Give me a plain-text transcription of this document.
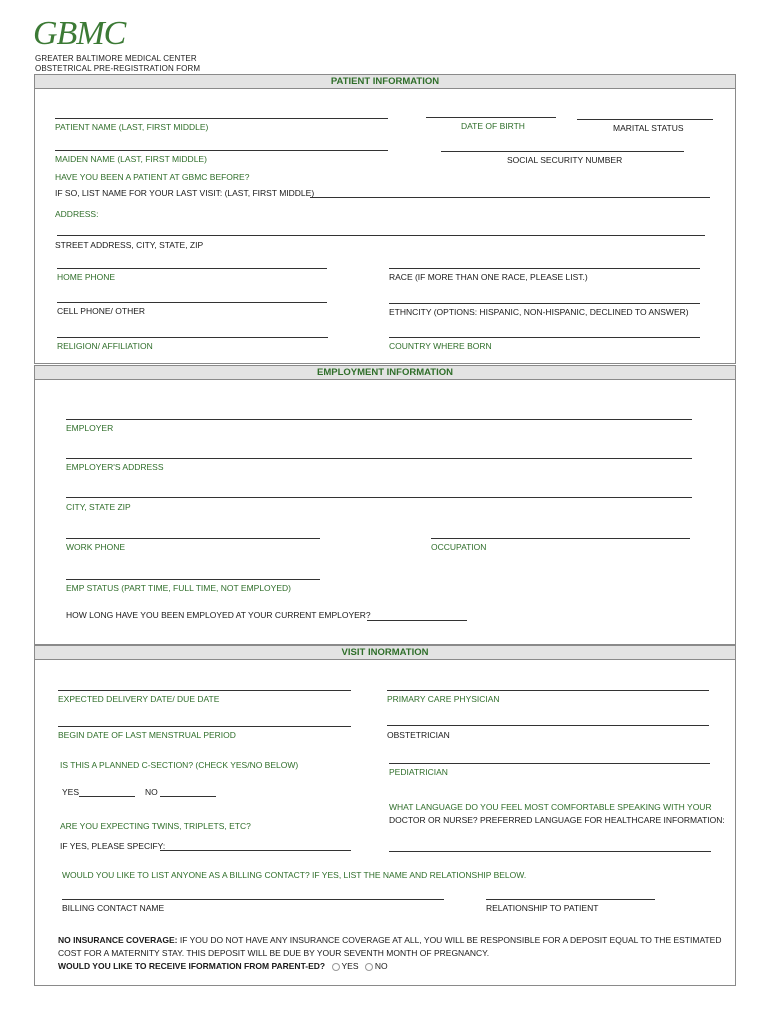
GBMC
GREATER BALTIMORE MEDICAL CENTER
OBSTETRICAL PRE-REGISTRATION FORM
PATIENT INFORMATION
PATIENT NAME (LAST, FIRST MIDDLE)	DATE OF BIRTH	MARITAL STATUS
MAIDEN NAME (LAST, FIRST MIDDLE)	SOCIAL SECURITY NUMBER
HAVE YOU BEEN A PATIENT AT GBMC BEFORE?
IF SO, LIST NAME FOR YOUR LAST VISIT: (LAST, FIRST MIDDLE)
ADDRESS:
STREET ADDRESS, CITY, STATE, ZIP
HOME PHONE	RACE (IF MORE THAN ONE RACE, PLEASE LIST.)
CELL PHONE/ OTHER	ETHNCITY (OPTIONS: HISPANIC, NON-HISPANIC, DECLINED TO ANSWER)
RELIGION/ AFFILIATION	COUNTRY WHERE BORN
EMPLOYMENT INFORMATION
EMPLOYER
EMPLOYER'S ADDRESS
CITY, STATE ZIP
WORK PHONE	OCCUPATION
EMP STATUS (PART TIME, FULL TIME, NOT EMPLOYED)
HOW LONG HAVE YOU BEEN EMPLOYED AT YOUR CURRENT EMPLOYER?
VISIT INORMATION
EXPECTED DELIVERY DATE/ DUE DATE	PRIMARY CARE PHYSICIAN
BEGIN DATE OF LAST MENSTRUAL PERIOD	OBSTETRICIAN
IS THIS A PLANNED C-SECTION? (CHECK YES/NO BELOW)
PEDIATRICIAN
YES	NO
WHAT LANGUAGE DO YOU FEEL MOST COMFORTABLE SPEAKING WITH YOUR
DOCTOR OR NURSE? PREFERRED LANGUAGE FOR HEALTHCARE INFORMATION:
ARE YOU EXPECTING TWINS, TRIPLETS, ETC?
IF YES, PLEASE SPECIFY:
WOULD YOU LIKE TO LIST ANYONE AS A BILLING CONTACT? IF YES, LIST THE NAME AND RELATIONSHIP BELOW.
BILLING CONTACT NAME	RELATIONSHIP TO PATIENT
NO INSURANCE COVERAGE: IF YOU DO NOT HAVE ANY INSURANCE COVERAGE AT ALL, YOU WILL BE RESPONSIBLE FOR A DEPOSIT EQUAL TO THE ESTIMATED
COST FOR A MATERNITY STAY. THIS DEPOSIT WILL BE DUE BY YOUR SEVENTH MONTH OF PREGNANCY.
WOULD YOU LIKE TO RECEIVE IFORMATION FROM PARENT-ED? YES NO
